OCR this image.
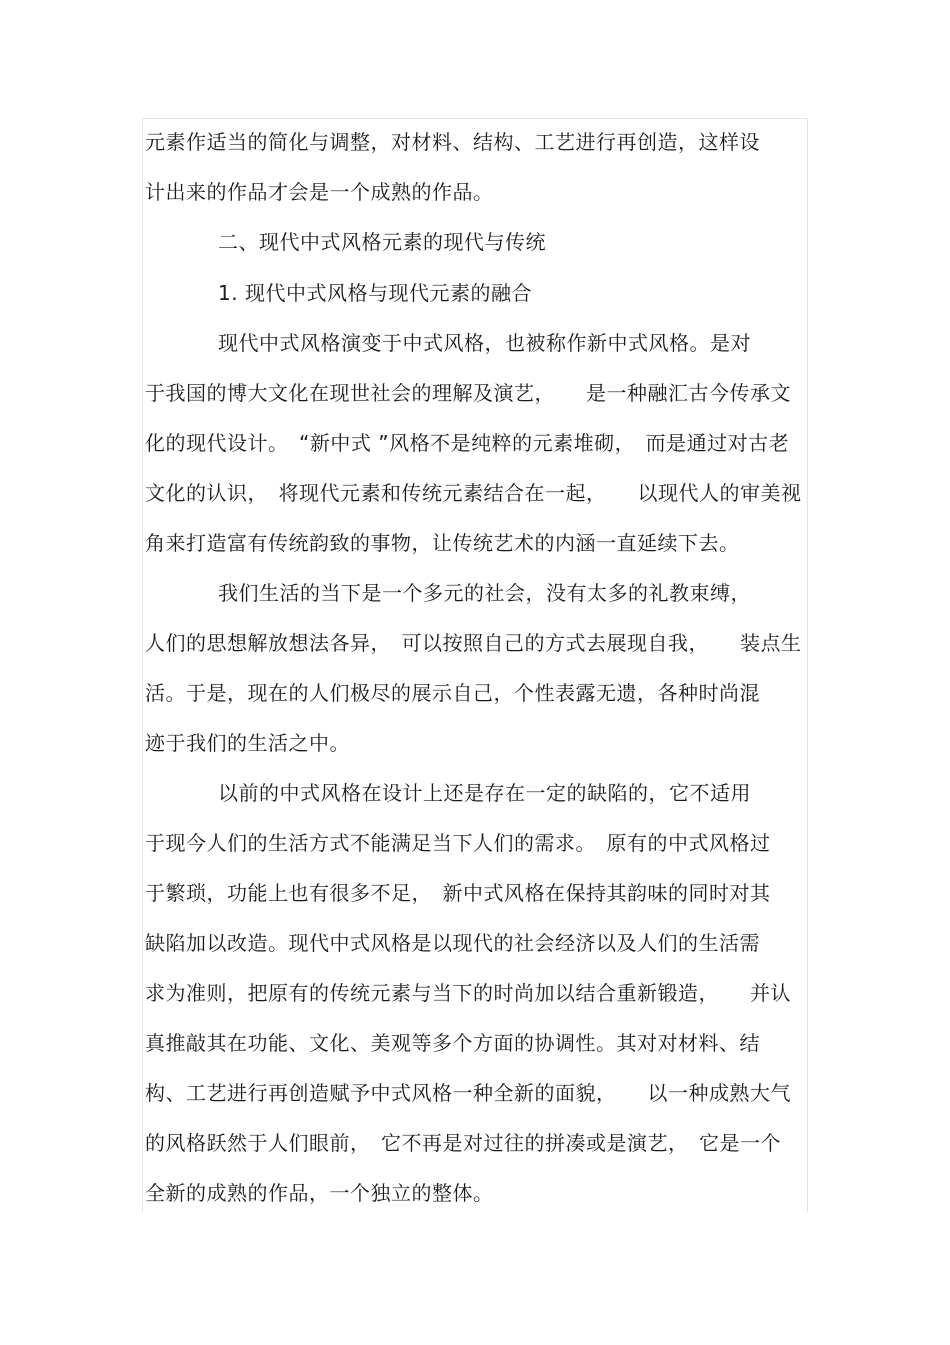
元素作适当的简化与调整，对材料、结构、工艺进行再创造，这样设
计出来的作品才会是一个成熟的作品。
二、现代中式风格元素的现代与传统
1. 现代中式风格与现代元素的融合
现代中式风格演变于中式风格，也被称作新中式风格。是对
于我国的博大文化在现世社会的理解及演艺，　　是一种融汇古今传承文
化的现代设计。　“新中式 ”风格不是纯粹的元素堆砌，　而是通过对古老
文化的认识，　将现代元素和传统元素结合在一起，　　以现代人的审美视
角来打造富有传统韵致的事物，让传统艺术的内涵一直延续下去。
我们生活的当下是一个多元的社会，没有太多的礼教束缚，
人们的思想解放想法各异，　可以按照自己的方式去展现自我，　　装点生
活。于是，现在的人们极尽的展示自己，个性表露无遗，各种时尚混
迹于我们的生活之中。
以前的中式风格在设计上还是存在一定的缺陷的，它不适用
于现今人们的生活方式不能满足当下人们的需求。　原有的中式风格过
于繁琐，功能上也有很多不足，　新中式风格在保持其韵味的同时对其
缺陷加以改造。现代中式风格是以现代的社会经济以及人们的生活需
求为准则，把原有的传统元素与当下的时尚加以结合重新锻造，　　并认
真推敲其在功能、文化、美观等多个方面的协调性。其对对材料、结
构、工艺进行再创造赋予中式风格一种全新的面貌，　　以一种成熟大气
的风格跃然于人们眼前，　它不再是对过往的拼凑或是演艺，　它是一个
全新的成熟的作品，一个独立的整体。
